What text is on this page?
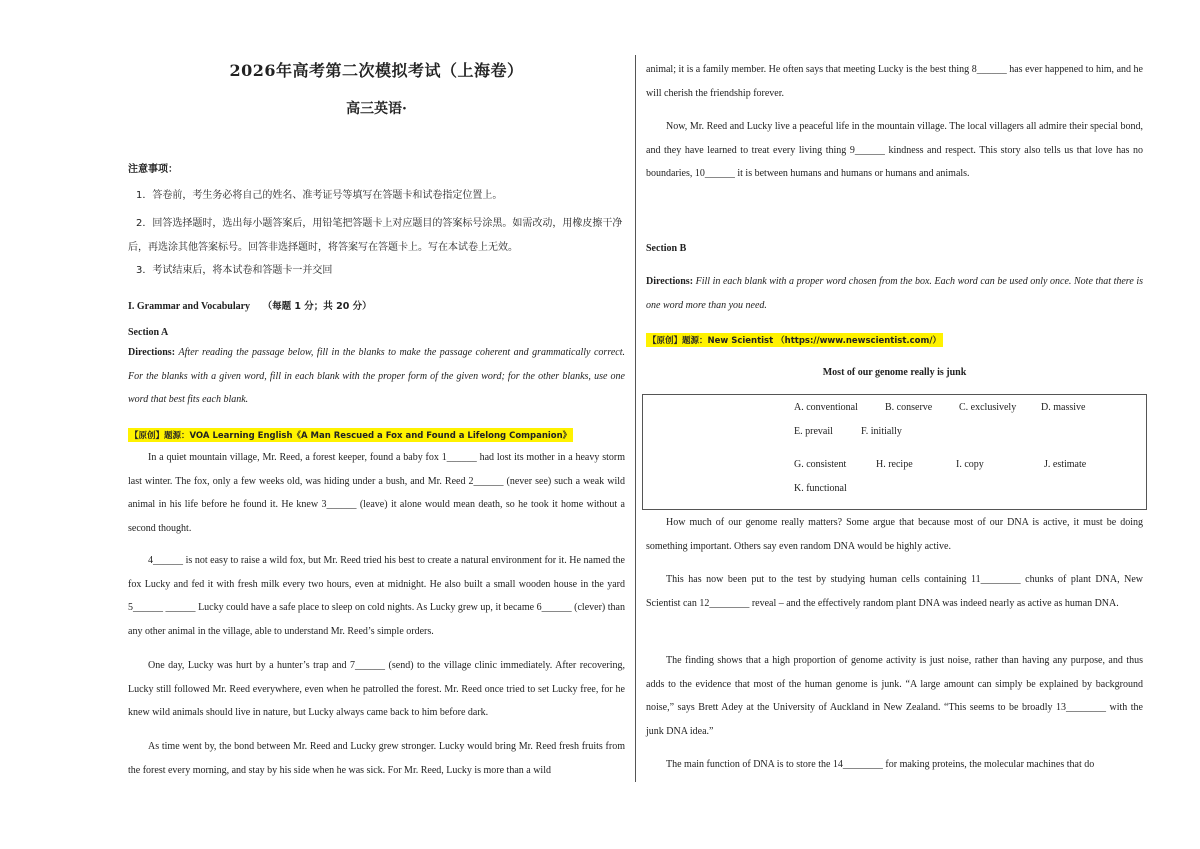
2026年高考第二次模拟考试（上海卷）
高三英语·
注意事项：
1．答卷前，考生务必将自己的姓名、准考证号等填写在答题卡和试卷指定位置上。
2．回答选择题时，选出每小题答案后，用铅笔把答题卡上对应题目的答案标号涂黑。如需改动，用橡皮擦干净后，再选涂其他答案标号。回答非选择题时，将答案写在答题卡上。写在本试卷上无效。
3．考试结束后，将本试卷和答题卡一并交回
I. Grammar and Vocabulary （每题 1 分；共 20 分）
Section A
Directions: After reading the passage below, fill in the blanks to make the passage coherent and grammatically correct. For the blanks with a given word, fill in each blank with the proper form of the given word; for the other blanks, use one word that best fits each blank.
【原创】题源：VOA Learning English《A Man Rescued a Fox and Found a Lifelong Companion》
In a quiet mountain village, Mr. Reed, a forest keeper, found a baby fox 1______ had lost its mother in a heavy storm last winter. The fox, only a few weeks old, was hiding under a bush, and Mr. Reed 2______ (never see) such a weak wild animal in his life before he found it. He knew 3______ (leave) it alone would mean death, so he took it home without a second thought.
4______ is not easy to raise a wild fox, but Mr. Reed tried his best to create a natural environment for it. He named the fox Lucky and fed it with fresh milk every two hours, even at midnight. He also built a small wooden house in the yard 5______ ______ Lucky could have a safe place to sleep on cold nights. As Lucky grew up, it became 6______ (clever) than any other animal in the village, able to understand Mr. Reed’s simple orders.
One day, Lucky was hurt by a hunter’s trap and 7______ (send) to the village clinic immediately. After recovering, Lucky still followed Mr. Reed everywhere, even when he patrolled the forest. Mr. Reed once tried to set Lucky free, for he knew wild animals should live in nature, but Lucky always came back to him before dark.
As time went by, the bond between Mr. Reed and Lucky grew stronger. Lucky would bring Mr. Reed fresh fruits from the forest every morning, and stay by his side when he was sick. For Mr. Reed, Lucky is more than a wild
animal; it is a family member. He often says that meeting Lucky is the best thing 8______ has ever happened to him, and he will cherish the friendship forever.
Now, Mr. Reed and Lucky live a peaceful life in the mountain village. The local villagers all admire their special bond, and they have learned to treat every living thing 9______ kindness and respect. This story also tells us that love has no boundaries, 10______ it is between humans and humans or humans and animals.
Section B
Directions: Fill in each blank with a proper word chosen from the box. Each word can be used only once. Note that there is one word more than you need.
【原创】题源：New Scientist （https://www.newscientist.com/）
Most of our genome really is junk
A. conventional	B. conserve	C. exclusively D. massive
E. prevail	F. initially
G. consistent	H. recipe	I. copy	J. estimate
K. functional
How much of our genome really matters? Some argue that because most of our DNA is active, it must be doing something important. Others say even random DNA would be highly active.
This has now been put to the test by studying human cells containing 11________ chunks of plant DNA, New Scientist can 12________ reveal – and the effectively random plant DNA was indeed nearly as active as human DNA.
The finding shows that a high proportion of genome activity is just noise, rather than having any purpose, and thus adds to the evidence that most of the human genome is junk. “A large amount can simply be explained by background noise,” says Brett Adey at the University of Auckland in New Zealand. “This seems to be broadly 13________ with the junk DNA idea.”
The main function of DNA is to store the 14________ for making proteins, the molecular machines that do
